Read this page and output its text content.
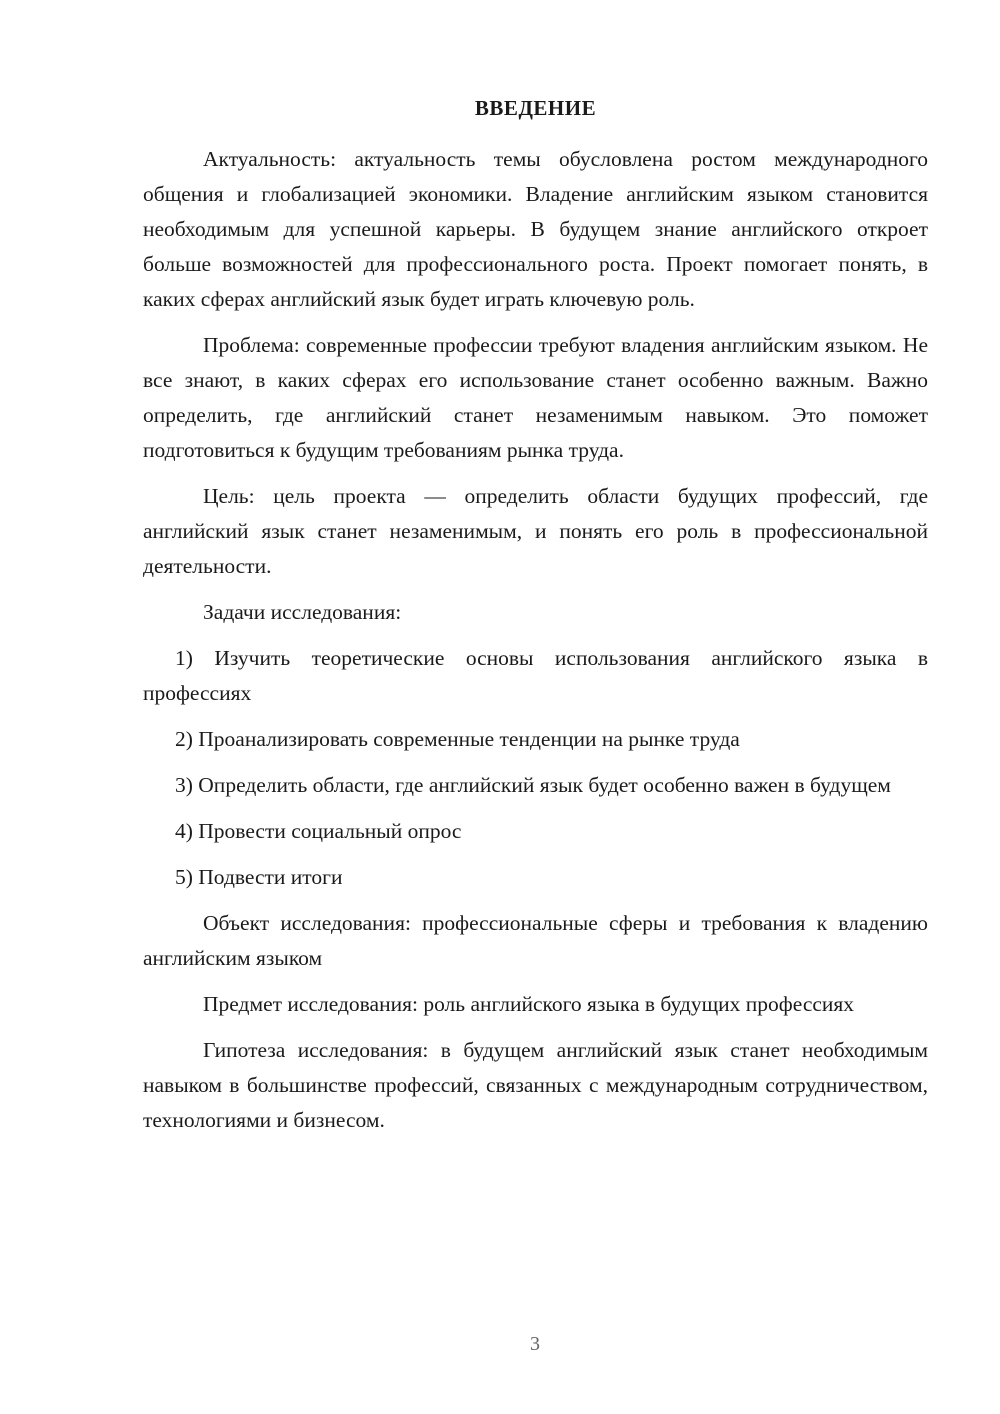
ВВЕДЕНИЕ

Актуальность: актуальность темы обусловлена ростом международного общения и глобализацией экономики. Владение английским языком становится необходимым для успешной карьеры. В будущем знание английского откроет больше возможностей для профессионального роста. Проект помогает понять, в каких сферах английский язык будет играть ключевую роль.

Проблема: современные профессии требуют владения английским языком. Не все знают, в каких сферах его использование станет особенно важным. Важно определить, где английский станет незаменимым навыком. Это поможет подготовиться к будущим требованиям рынка труда.

Цель: цель проекта — определить области будущих профессий, где английский язык станет незаменимым, и понять его роль в профессиональной деятельности.

Задачи исследования:

1) Изучить теоретические основы использования английского языка в профессиях

2) Проанализировать современные тенденции на рынке труда

3) Определить области, где английский язык будет особенно важен в будущем

4) Провести социальный опрос

5) Подвести итоги

Объект исследования: профессиональные сферы и требования к владению английским языком

Предмет исследования: роль английского языка в будущих профессиях

Гипотеза исследования: в будущем английский язык станет необходимым навыком в большинстве профессий, связанных с международным сотрудничеством, технологиями и бизнесом.

3
